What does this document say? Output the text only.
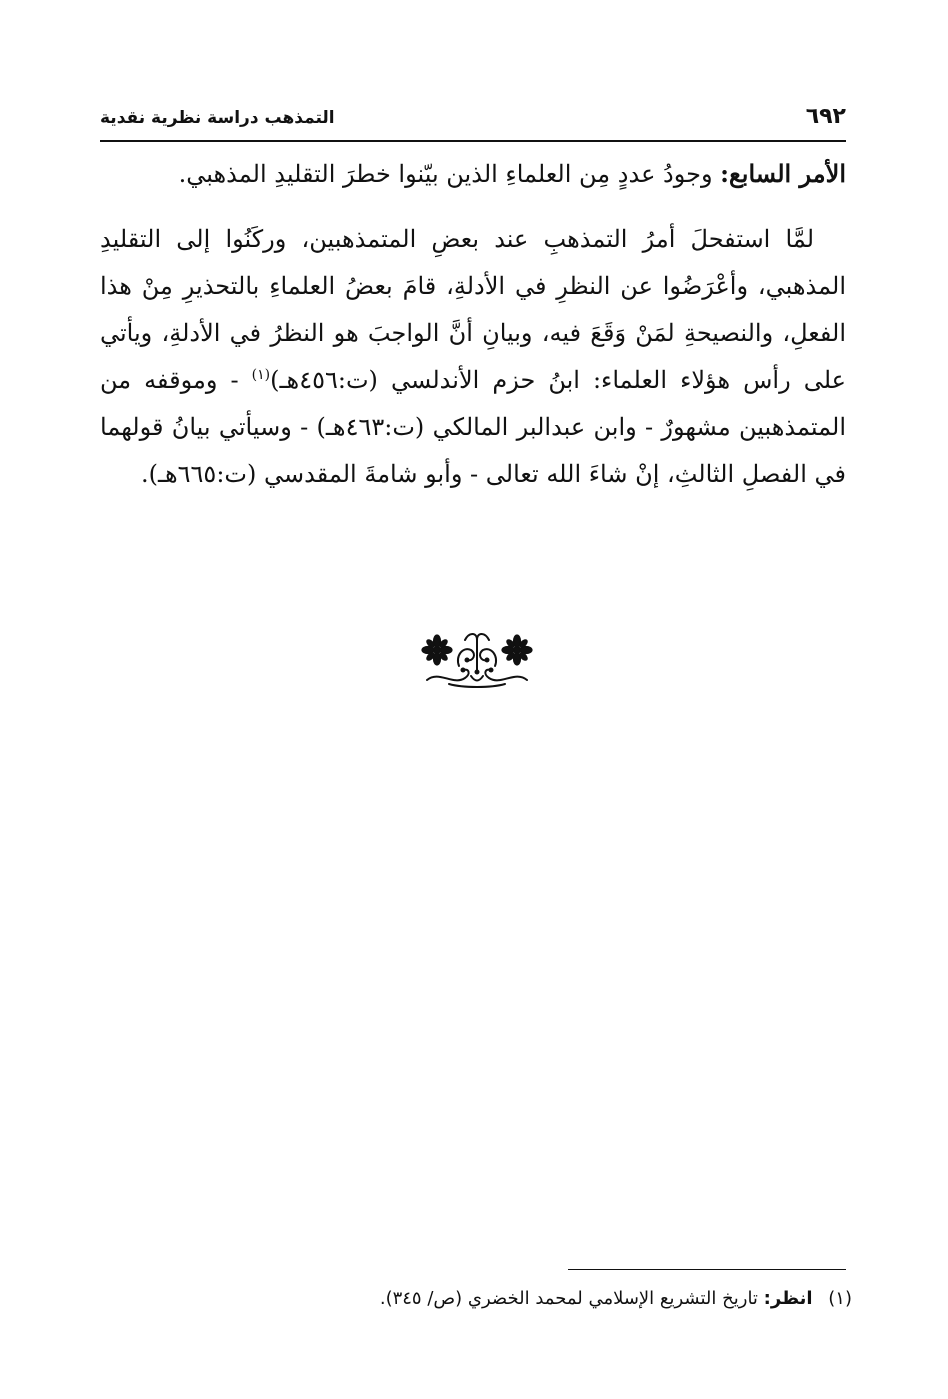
٦٩٢
التمذهب دراسة نظرية نقدية

الأمر السابع: وجودُ عددٍ مِن العلماءِ الذين بيّنوا خطرَ التقليدِ المذهبي.

لمَّا استفحلَ أمرُ التمذهبِ عند بعضِ المتمذهبين، وركَنُوا إلى التقليدِ المذهبي، وأعْرَضُوا عن النظرِ في الأدلةِ، قامَ بعضُ العلماءِ بالتحذيرِ مِنْ هذا الفعلِ، والنصيحةِ لمَنْ وَقَعَ فيه، وبيانِ أنَّ الواجبَ هو النظرُ في الأدلةِ، ويأتي على رأس هؤلاء العلماء: ابنُ حزم الأندلسي (ت:٤٥٦هـ)$^{(١)}$ - وموقفه من المتمذهبين مشهورٌ - وابن عبدالبر المالكي (ت:٤٦٣هـ) - وسيأتي بيانُ قولهما في الفصلِ الثالثِ، إنْ شاءَ الله تعالى - وأبو شامةَ المقدسي (ت:٦٦٥هـ).

(١) انظر: تاريخ التشريع الإسلامي لمحمد الخضري (ص/ ٣٤٥).
